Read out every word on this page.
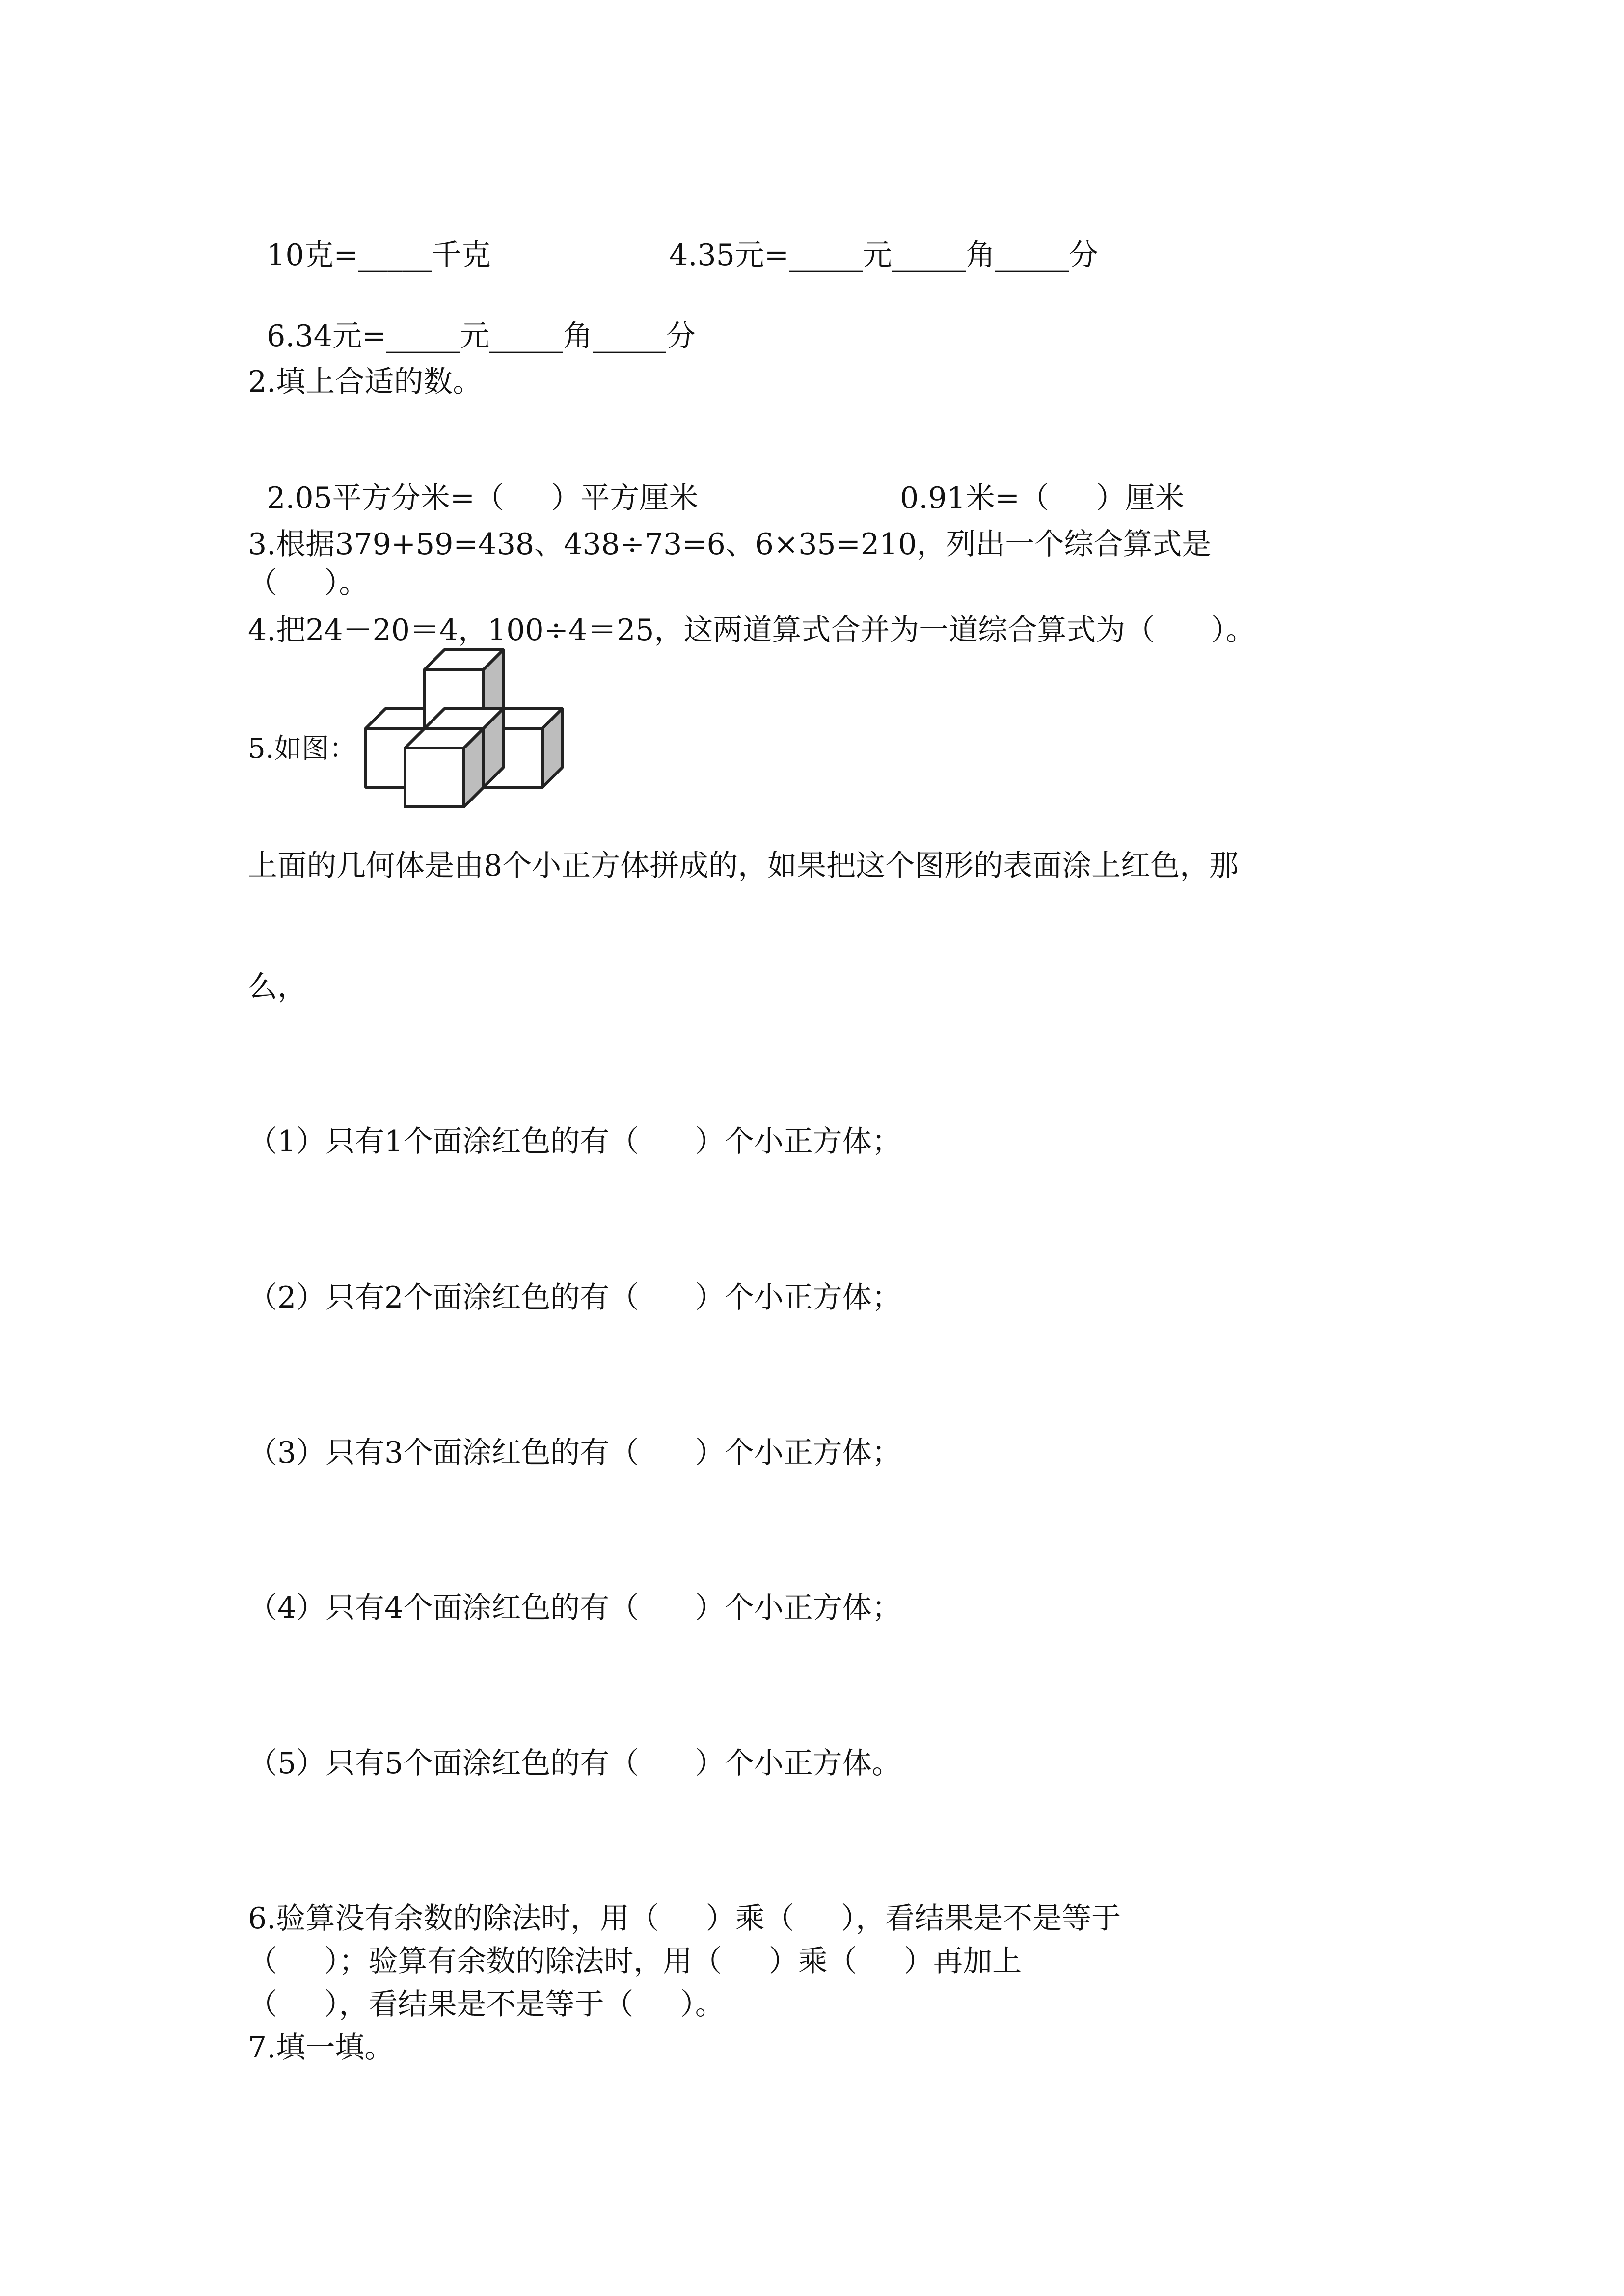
10克=_____千克	4.35元=_____元_____角_____分

6.34元=_____元_____角_____分

2.填上合适的数。

2.05平方分米=（     ）平方厘米	0.91米=（     ）厘米

3.根据379+59=438、438÷73=6、6×35=210，列出一个综合算式是
（     ）。
4.把24－20＝4，100÷4＝25，这两道算式合并为一道综合算式为（      ）。
5.如图：
上面的几何体是由8个小正方体拼成的，如果把这个图形的表面涂上红色，那
么，
（1）只有1个面涂红色的有（      ）个小正方体；
（2）只有2个面涂红色的有（      ）个小正方体；
（3）只有3个面涂红色的有（      ）个小正方体；
（4）只有4个面涂红色的有（      ）个小正方体；
（5）只有5个面涂红色的有（      ）个小正方体。
6.验算没有余数的除法时，用（     ）乘（     ），看结果是不是等于
（     ）；验算有余数的除法时，用（     ）乘（     ）再加上
（     ），看结果是不是等于（     ）。
7.填一填。
